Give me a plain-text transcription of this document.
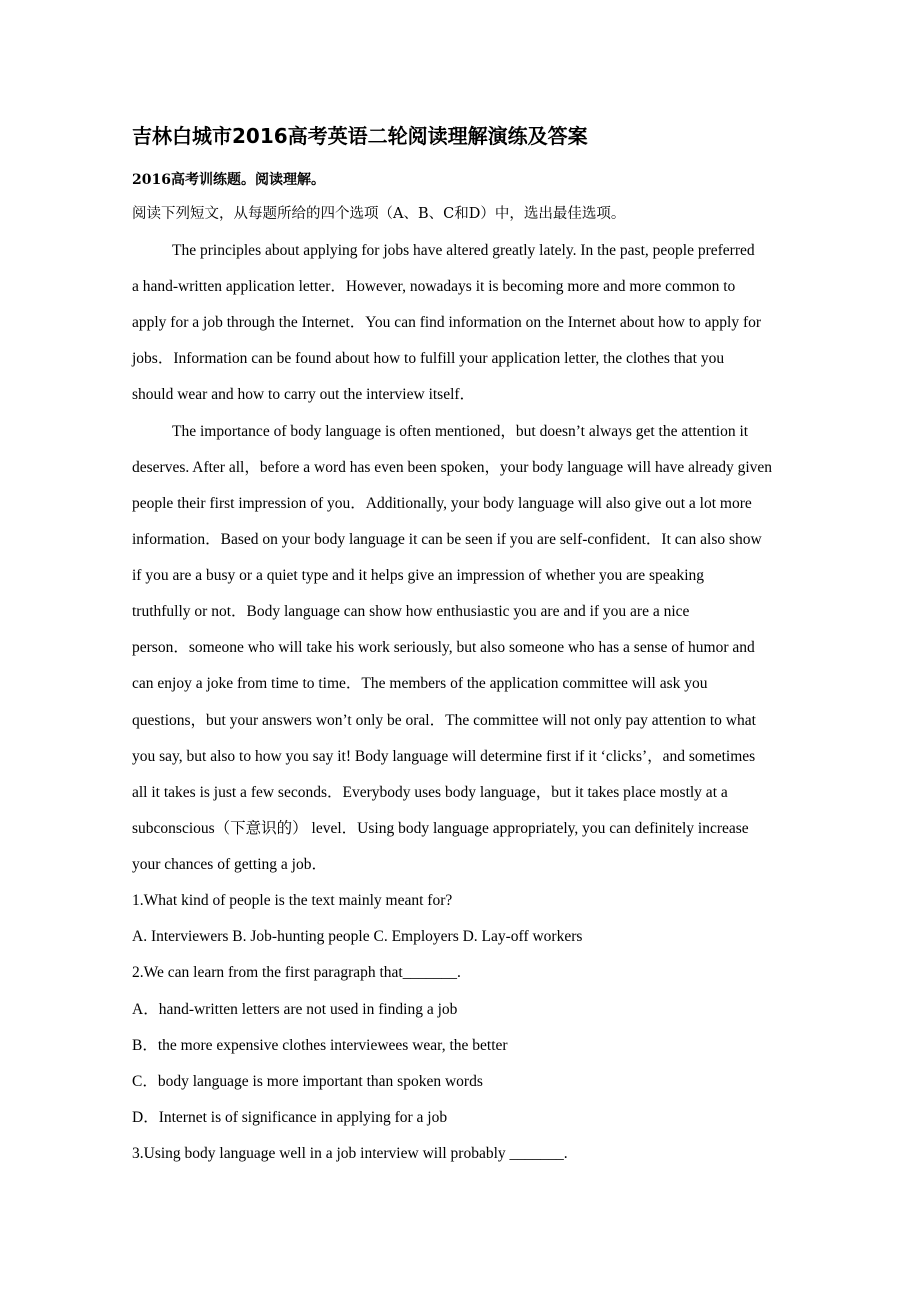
吉林白城市2016高考英语二轮阅读理解演练及答案
2016高考训练题。阅读理解。
阅读下列短文，从每题所给的四个选项（A、B、C和D）中，选出最佳选项。
The principles about applying for jobs have altered greatly lately. In the past, people preferred
a hand-written application letter．However, nowadays it is becoming more and more common to
apply for a job through the Internet．You can find information on the Internet about how to apply for
jobs．Information can be found about how to fulfill your application letter, the clothes that you
should wear and how to carry out the interview itself．
The importance of body language is often mentioned，but doesn’t always get the attention it
deserves. After all，before a word has even been spoken，your body language will have already given
people their first impression of you．Additionally, your body language will also give out a lot more
information．Based on your body language it can be seen if you are self-confident．It can also show
if you are a busy or a quiet type and it helps give an impression of whether you are speaking
truthfully or not．Body language can show how enthusiastic you are and if you are a nice
person．someone who will take his work seriously, but also someone who has a sense of humor and
can enjoy a joke from time to time．The members of the application committee will ask you
questions，but your answers won’t only be oral．The committee will not only pay attention to what
you say, but also to how you say it! Body language will determine first if it ‘clicks’，and sometimes
all it takes is just a few seconds．Everybody uses body language，but it takes place mostly at a
subconscious（下意识的） level．Using body language appropriately, you can definitely increase
your chances of getting a job．
1.What kind of people is the text mainly meant for?
A. Interviewers B. Job-hunting people C. Employers D. Lay-off workers
2.We can learn from the first paragraph that_______.
A．hand-written letters are not used in finding a job
B．the more expensive clothes interviewees wear, the better
C．body language is more important than spoken words
D．Internet is of significance in applying for a job
3.Using body language well in a job interview will probably _______.
